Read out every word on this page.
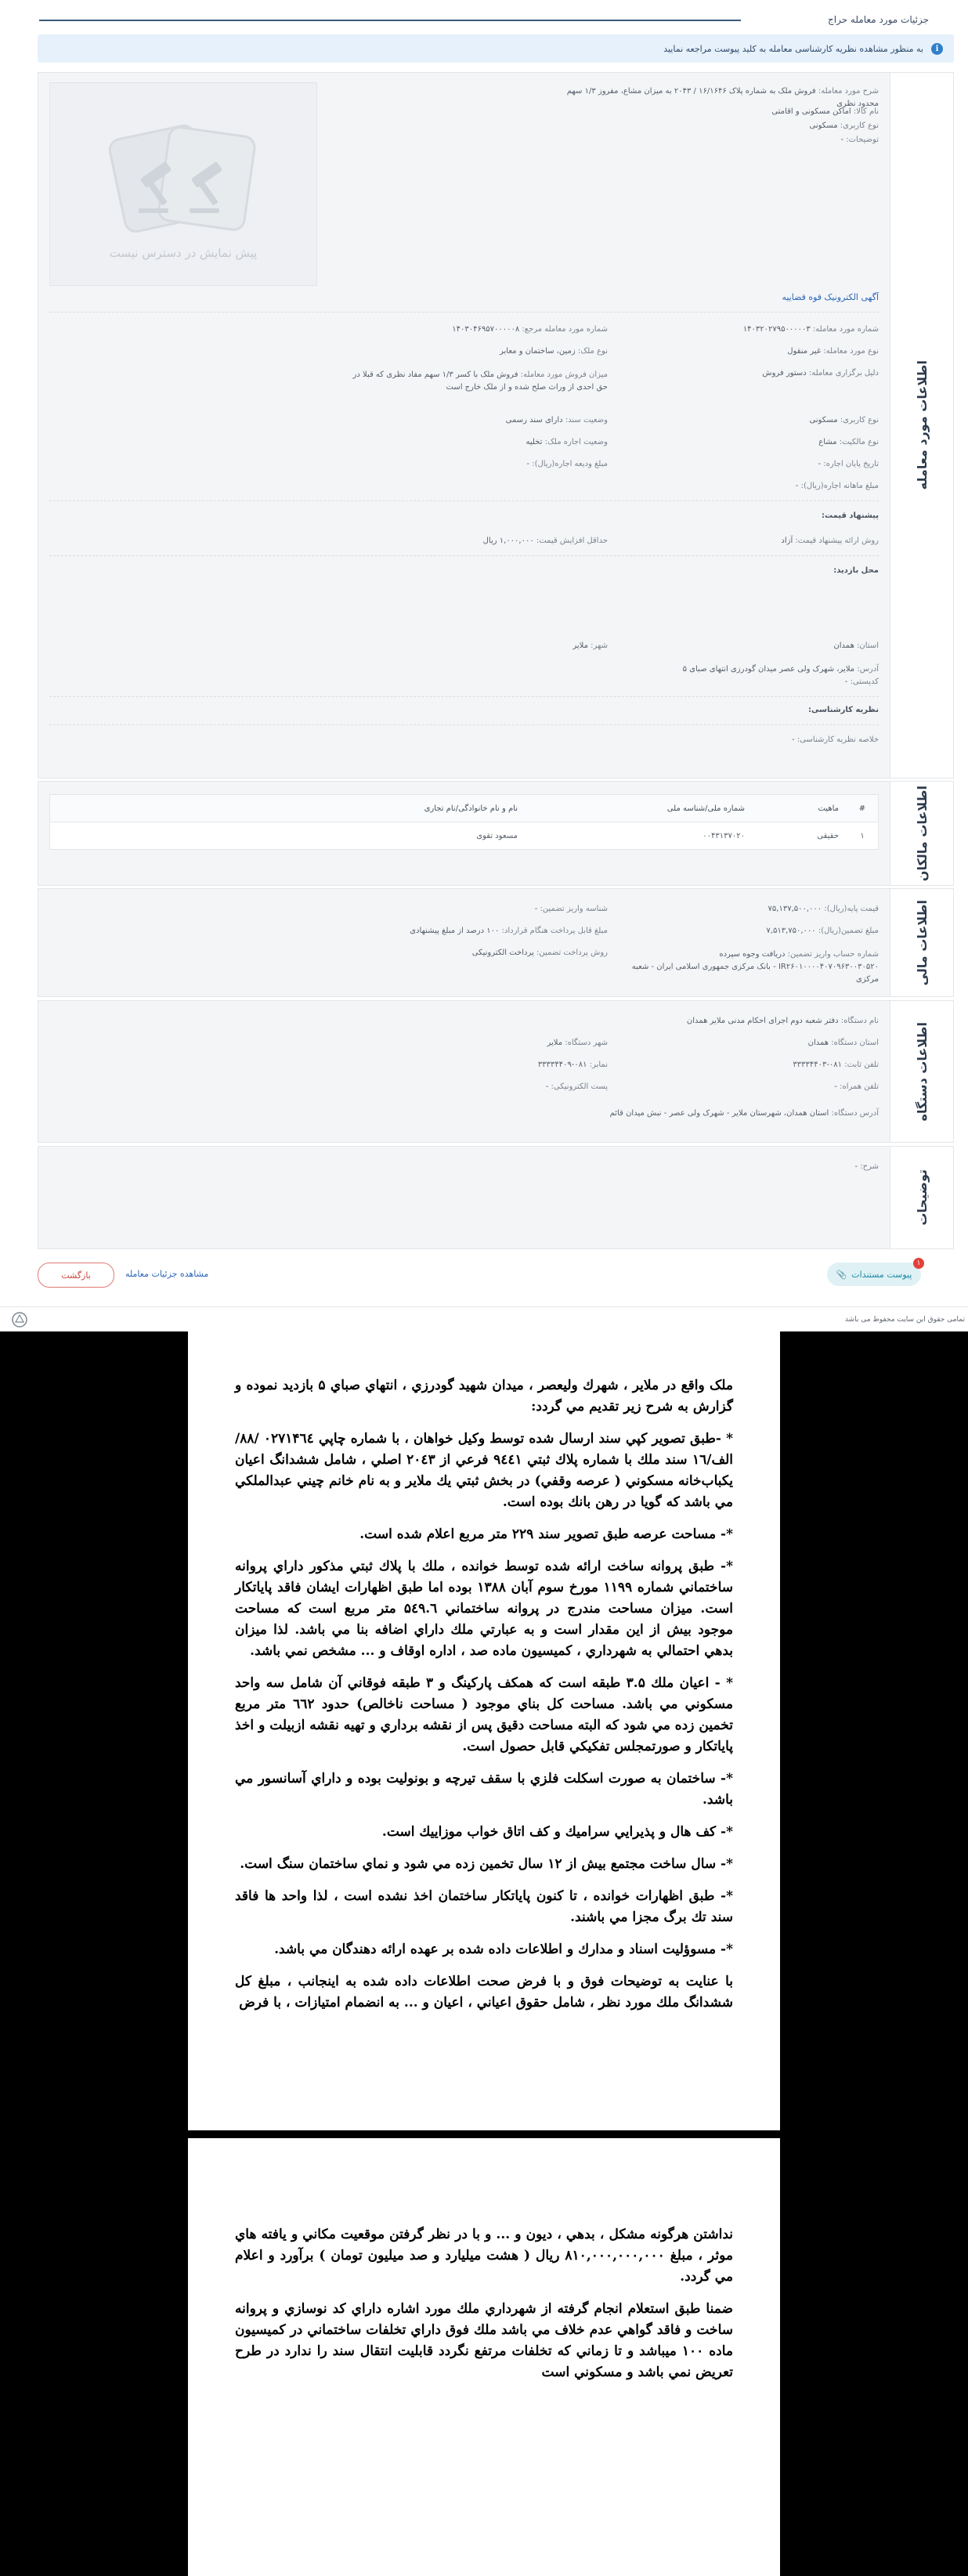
جزئیات مورد معامله حراج
i
به منظور مشاهده نظریه کارشناسی معامله به کلید پیوست مراجعه نمایید
اطلاعات مورد معامله
شرح مورد معامله: فروش ملک به شماره پلاک ۱۶/۱۶۴۶ / ۲۰۴۳ به میزان مشاع، مفروز ۱/۳ سهم محدود نظری
نام کالا: اماکن مسکونی و اقامتی
نوع کاربری: مسکونی
توضیحات: -
پیش نمایش در دسترس نیست
آگهی الکترونیک قوه قضاییه
شماره مورد معامله: ۱۴۰۳۲۰۲۷۹۵۰۰۰۰۰۳
شماره مورد معامله مرجع: ۱۴۰۳۰۴۶۹۵۷۰۰۰۰۰۸
نوع مورد معامله: غیر منقول
نوع ملک: زمین، ساختمان و معابر
دلیل برگزاری معامله: دستور فروش
میزان فروش مورد معامله: فروش ملک با کسر ۱/۳ سهم مفاد نظری که قبلا در حق احدی از وراث صلح شده و از ملک خارج است
نوع کاربری: مسکونی
وضعیت سند: دارای سند رسمی
نوع مالکیت: مشاع
وضعیت اجاره ملک: تخلیه
تاریخ پایان اجاره: -
مبلغ ودیعه اجاره(ریال): -
مبلغ ماهانه اجاره(ریال): -
پیشنهاد قیمت:
روش ارائه پیشنهاد قیمت: آزاد
حداقل افزایش قیمت: ۱,۰۰۰,۰۰۰ ریال
محل بازدید:
استان: همدان
شهر: ملایر
آدرس: ملایر، شهرک ولی عصر میدان گودرزی انتهای صبای ۵
کدپستی: -
نظریه کارشناسی:
خلاصه نظریه کارشناسی: -
اطلاعات مالکان
#
ماهیت
شماره ملی/شناسه ملی
نام و نام خانوادگی/نام تجاری
۱
حقیقی
۰۰۴۳۱۳۷۰۲۰
مسعود تقوی
اطلاعات مالی
قیمت پایه(ریال): ۷۵,۱۳۷,۵۰۰,۰۰۰
شناسه واریز تضمین: -
مبلغ تضمین(ریال): ۷,۵۱۳,۷۵۰,۰۰۰
مبلغ قابل پرداخت هنگام قرارداد: ۱۰۰ درصد از مبلغ پیشنهادی
شماره حساب واریز تضمین: دریافت وجوه سپرده IR۲۶۰۱۰۰۰۰۴۰۷۰۹۶۳۰۰۳۰۵۲۰ - بانک مرکزی جمهوری اسلامی ایران - شعبه مرکزی
روش پرداخت تضمین: پرداخت الکترونیکی
اطلاعات دستگاه
نام دستگاه: دفتر شعبه دوم اجرای احکام مدنی ملایر همدان
استان دستگاه: همدان
شهر دستگاه: ملایر
تلفن ثابت: ۰۸۱-۳۳۳۳۴۴۰۳
نمابر: ۰۸۱-۳۳۳۳۴۴۰۹
تلفن همراه: -
پست الکترونیکی: -
آدرس دستگاه: استان همدان، شهرستان ملایر - شهرک ولی عصر - نبش میدان قائم
توضیحات
شرح: -
۱
پیوست مستندات
📎
مشاهده جزئیات معامله
بازگشت
تمامی حقوق این سایت محفوظ می باشد

ملک واقع در ملاير ، شهرك وليعصر ، ميدان شهيد گودرزي ، انتهاي صباي ۵ بازديد نموده و گزارش به شرح زير تقديم مي گردد:

* -طبق تصوير كپي سند ارسال شده توسط وكيل خواهان ، با شماره چاپي ۰۲۷۱۴٦٤ /۸۸/الف/۱٦ سند ملك با شماره پلاك ثبتي ۹٤٤۱ فرعي از ۲۰٤۳ اصلي ، شامل ششدانگ اعيان يكباب‌خانه مسكوني ( عرصه وقفي) در بخش ثبتي يك ملاير و به نام خانم چيني عبدالملكي مي باشد كه گويا در رهن بانك بوده است.

*- مساحت عرصه طبق تصوير سند ۲۲۹ متر مربع اعلام شده است.

*- طبق پروانه ساخت ارائه شده توسط خوانده ، ملك با پلاك ثبتي مذكور داراي پروانه ساختماني شماره ۱۱۹۹ مورخ سوم آبان ۱۳۸۸ بوده اما طبق اظهارات ايشان فاقد پاياتكار است. ميزان مساحت مندرج در پروانه ساختماني ۵٤۹.٦ متر مربع است كه مساحت موجود بيش از اين مقدار است و به عبارتي ملك داراي اضافه بنا مي باشد. لذا ميزان بدهي احتمالي به شهرداري ، كميسيون ماده صد ، اداره اوقاف و ... مشخص نمي باشد.

* - اعيان ملك ۳.۵ طبقه است كه همكف پاركينگ و ۳ طبقه فوقاني آن شامل سه واحد مسكوني مي باشد. مساحت كل بناي موجود ( مساحت ناخالص) حدود ٦٦۲ متر مربع تخمين زده مي شود كه البته مساحت دقيق پس از نقشه برداري و تهيه نقشه ازبيلت و اخذ پاياتكار و صورتمجلس تفكيكي قابل حصول است.

*- ساختمان به صورت اسكلت فلزي با سقف تيرچه و بونوليت بوده و داراي آسانسور مي باشد.

*- كف هال و پذيرايي سراميك و كف اتاق خواب موزاييك است.

*- سال ساخت مجتمع بيش از ۱۲ سال تخمين زده مي شود و نماي ساختمان سنگ است.

*- طبق اظهارات خوانده ، تا كنون پاياتكار ساختمان اخذ نشده است ، لذا واحد ها فاقد سند تك برگ مجزا مي باشند.

*- مسوؤليت اسناد و مدارك و اطلاعات داده شده بر عهده ارائه دهندگان مي باشد.

با عنايت به توضيحات فوق و با فرض صحت اطلاعات داده شده به اينجانب ، مبلغ كل ششدانگ ملك مورد نظر ، شامل حقوق اعياني ، اعيان و ... به انضمام امتيازات ، با فرض

نداشتن هرگونه مشكل ، بدهي ، ديون و ... و با در نظر گرفتن موقعيت مكاني و يافته هاي موثر ، مبلغ ۸۱۰,۰۰۰,۰۰۰,۰۰۰ ريال ( هشت ميليارد و صد ميليون تومان ) برآورد و اعلام مي گردد.

ضمنا طبق استعلام انجام گرفته از شهرداري ملك مورد اشاره داراي كد نوسازي و پروانه ساخت و فاقد گواهي عدم خلاف مي باشد ملك فوق داراي تخلفات ساختماني در كميسيون ماده ۱۰۰ ميباشد و تا زماني كه تخلفات مرتفع نگردد قابليت انتقال سند را ندارد در طرح تعريض نمي باشد و مسكوني است
